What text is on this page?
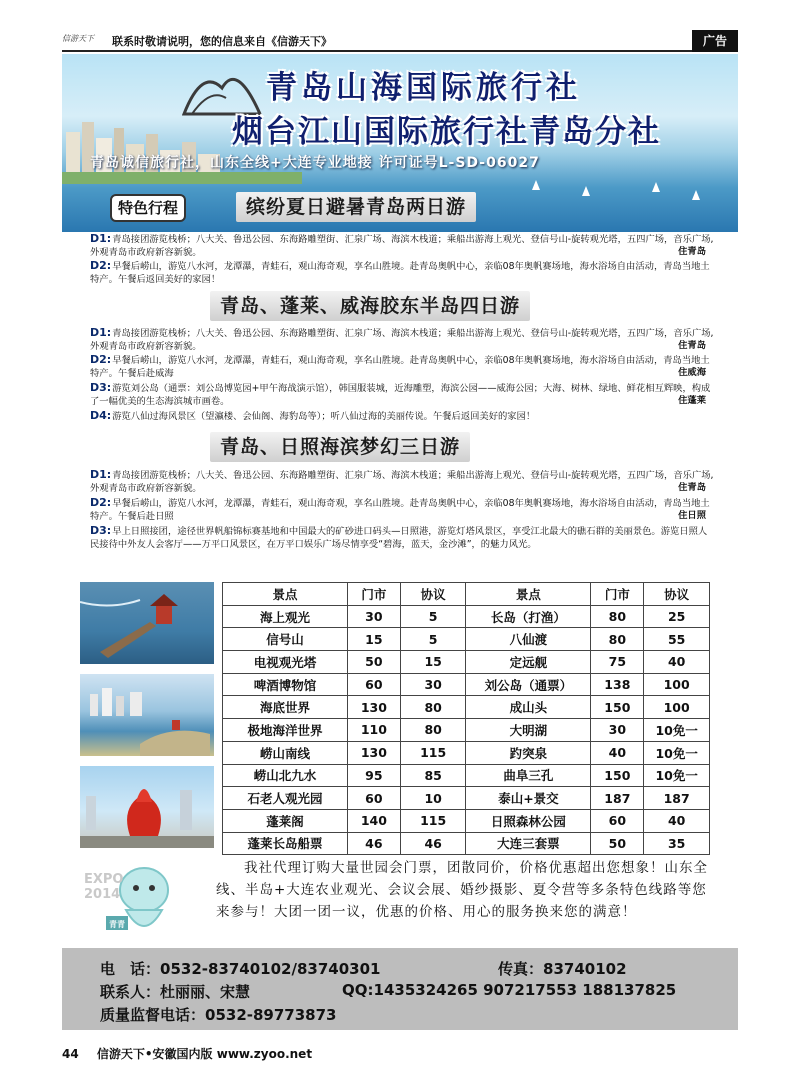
信游天下	联系时敬请说明，您的信息来自《信游天下》	广告
青岛山海国际旅行社
烟台江山国际旅行社青岛分社
青岛诚信旅行社，山东全线+大连专业地接 许可证号L-SD-06027
特色行程	缤纷夏日避暑青岛两日游
D1:青岛接团游览栈桥；八大关、鲁迅公园、东海路雕塑街、汇泉广场、海滨木栈道；乘船出游海上观光、登信号山-旋转观光塔，五四广场，音乐广场,外观青岛市政府新容新貌。	住青岛
D2:早餐后崂山，游览八水河，龙潭瀑，青蛙石，观山海奇观，享名山胜境。赴青岛奥帆中心，亲临08年奥帆赛场地，海水浴场自由活动，青岛当地土特产。午餐后返回美好的家园！
青岛、蓬莱、威海胶东半岛四日游
D1:青岛接团游览栈桥；八大关、鲁迅公园、东海路雕塑街、汇泉广场、海滨木栈道；乘船出游海上观光、登信号山-旋转观光塔，五四广场，音乐广场,外观青岛市政府新容新貌。	住青岛
D2:早餐后崂山，游览八水河，龙潭瀑，青蛙石，观山海奇观，享名山胜境。赴青岛奥帆中心，亲临08年奥帆赛场地，海水浴场自由活动，青岛当地土特产。午餐后赴威海	住威海
D3:游览刘公岛（通票：刘公岛博览园+甲午海战演示馆），韩国服装城，近海雕塑，海滨公园——威海公园；大海、树林、绿地、鲜花相互辉映，构成了一幅优美的生态海滨城市画卷。	住蓬莱
D4:游览八仙过海风景区（望瀛楼、会仙阁、海豹岛等）；听八仙过海的美丽传说。午餐后返回美好的家园！
青岛、日照海滨梦幻三日游
D1:青岛接团游览栈桥；八大关、鲁迅公园、东海路雕塑街、汇泉广场、海滨木栈道；乘船出游海上观光、登信号山-旋转观光塔，五四广场，音乐广场,外观青岛市政府新容新貌。	住青岛
D2:早餐后崂山，游览八水河，龙潭瀑，青蛙石，观山海奇观，享名山胜境。赴青岛奥帆中心，亲临08年奥帆赛场地，海水浴场自由活动，青岛当地土特产。午餐后赴日照	住日照
D3:早上日照接团，途径世界帆船锦标赛基地和中国最大的矿砂进口码头—日照港，游览灯塔风景区，享受江北最大的礁石群的美丽景色。游览日照人民接待中外友人会客厅——万平口风景区，在万平口娱乐广场尽情享受“碧海，蓝天，金沙滩”，的魅力风光。
景点	门市	协议	景点	门市	协议
海上观光	30	5	长岛（打渔）	80	25
信号山	15	5	八仙渡	80	55
电视观光塔	50	15	定远舰	75	40
啤酒博物馆	60	30	刘公岛（通票）	138	100
海底世界	130	80	成山头	150	100
极地海洋世界	110	80	大明湖	30	10免一
崂山南线	130	115	趵突泉	40	10免一
崂山北九水	95	85	曲阜三孔	150	10免一
石老人观光园	60	10	泰山+景交	187	187
蓬莱阁	140	115	日照森林公园	60	40
蓬莱长岛船票	46	46	大连三套票	50	35
EXPO 2014
青青
我社代理订购大量世园会门票，团散同价，价格优惠超出您想象！山东全线、半岛+大连农业观光、会议会展、婚纱摄影、夏令营等多条特色线路等您来参与！大团一团一议，优惠的价格、用心的服务换来您的满意！
电　话：0532-83740102/83740301	传真：83740102
联系人：杜丽丽、宋慧	QQ:1435324265 907217553 188137825
质量监督电话：0532-89773873
44 信游天下•安徽国内版 www.zyoo.net
